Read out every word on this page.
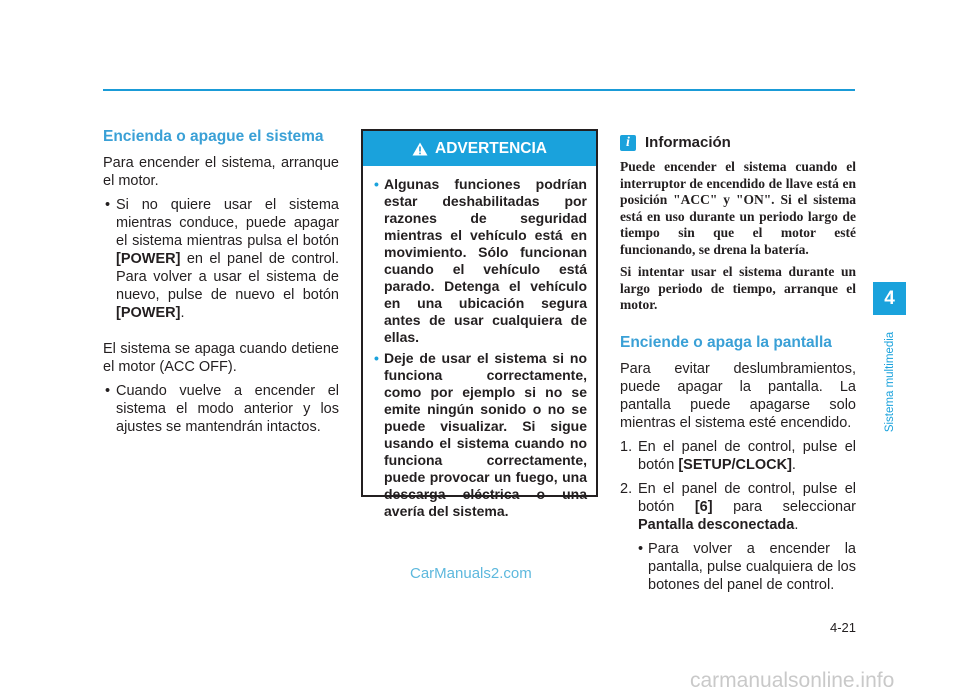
Encienda o apague el sistema

Para encender el sistema, arranque el motor.

• Si no quiere usar el sistema mientras conduce, puede apagar el sistema mientras pulsa el botón [POWER] en el panel de control. Para volver a usar el sistema de nuevo, pulse de nuevo el botón [POWER].

El sistema se apaga cuando detiene el motor (ACC OFF).

• Cuando vuelve a encender el sistema el modo anterior y los ajustes se mantendrán intactos.
ADVERTENCIA
• Algunas funciones podrían estar deshabilitadas por razones de seguridad mientras el vehículo está en movimiento. Sólo funcionan cuando el vehículo está parado. Detenga el vehículo en una ubicación segura antes de usar cualquiera de ellas.
• Deje de usar el sistema si no funciona correctamente, como por ejemplo si no se emite ningún sonido o no se puede visualizar. Si sigue usando el sistema cuando no funciona correctamente, puede provocar un fuego, una descarga eléctrica o una avería del sistema.
i	Información

Puede encender el sistema cuando el interruptor de encendido de llave está en posición "ACC" y "ON". Si el sistema está en uso durante un periodo largo de tiempo sin que el motor esté funcionando, se drena la batería.

Si intentar usar el sistema durante un largo periodo de tiempo, arranque el motor.

Enciende o apaga la pantalla

Para evitar deslumbramientos, puede apagar la pantalla. La pantalla puede apagarse solo mientras el sistema esté encendido.

1. En el panel de control, pulse el botón [SETUP/CLOCK].
2. En el panel de control, pulse el botón [6] para seleccionar Pantalla desconectada.
• Para volver a encender la pantalla, pulse cualquiera de los botones del panel de control.
4
Sistema multimedia
4-21
CarManuals2.com
carmanualsonline.info
